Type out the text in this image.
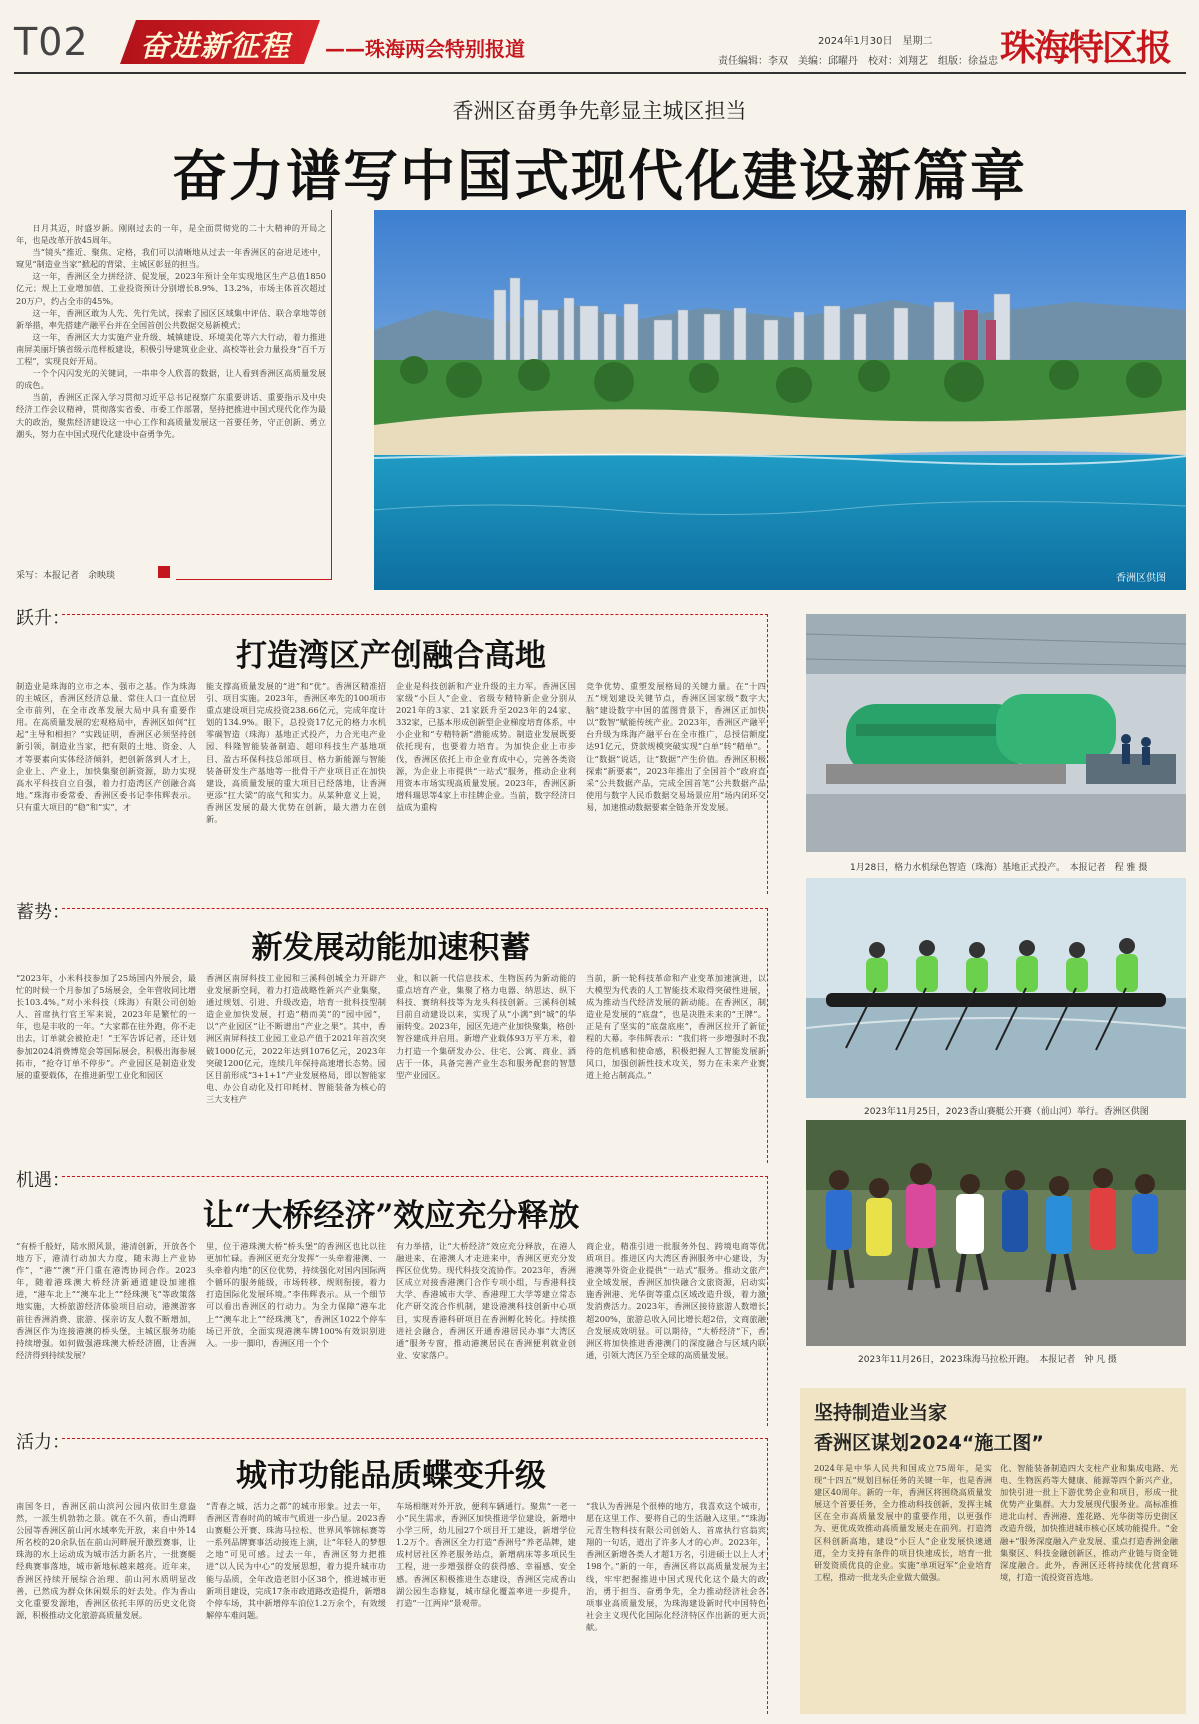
T02 奋进新征程 ——珠海两会特别报道	2024年1月30日　星期二
责任编辑：李双　美编：邱曜丹　校对：刘翔艺　组版：徐益忠 珠海特区报
香洲区奋勇争先彰显主城区担当
奋力谱写中国式现代化建设新篇章

日月其迈，时盛岁新。刚刚过去的一年，是全面贯彻党的二十大精神的开局之年，也是改革开放45周年。

当“镜头”推近、聚焦、定格，我们可以清晰地从过去一年香洲区的奋进足迹中，窥见“制造业当家”掀起的背梁、主城区彰显的担当。

这一年，香洲区全力拼经济、促发展，2023年预计全年实现地区生产总值1850亿元；规上工业增加值、工业投资预计分别增长8.9%、13.2%，市场主体首次超过20万户，约占全市的45%。

这一年，香洲区敢为人先、先行先试，探索了园区区域集中评估、联合拿地等创新举措，率先搭建产融平台并在全国首创公共数据交易新模式；

这一年，香洲区大力实施产业升级、城镇建设、环境美化等六大行动，着力推进南屏美丽圩镇省级示范样板建设，积极引导建筑业企业、高校等社会力量投身“百千万工程”，实现良好开局。

一个个闪闪发光的关键词，一串串令人欣喜的数据，让人看到香洲区高质量发展的成色。

当前，香洲区正深入学习贯彻习近平总书记视察广东重要讲话、重要指示及中央经济工作会议精神，贯彻落实省委、市委工作部署，坚持把推进中国式现代化作为最大的政治，聚焦经济建设这一中心工作和高质量发展这一首要任务，守正创新、勇立潮头，努力在中国式现代化建设中奋勇争先。

采写：本报记者　余映琰	香洲区供图
跃升：
打造湾区产创融合高地
制造业是珠海的立市之本、强市之基。作为珠海的主城区，香洲区经济总量、常住人口一直位居全市前列，在全市改革发展大局中具有重要作用。在高质量发展的宏观格局中，香洲区如何“扛起”主导和相担？“实践证明，香洲区必须坚持创新引领，制造业当家，把有限的土地、资金、人才等要素向实体经济倾斜，把创新落到人才上，企业上、产业上，加快集聚创新资源，助力实现高水平科技自立自强，着力打造湾区产创融合高地。”珠海市委常委、香洲区委书记李伟辉表示。只有重大项目的“稳”和“实”，才
能支撑高质量发展的“进”和“优”。香洲区精准招引、项目实施。2023年，香洲区率先的100项市重点建设项目完成投资238.66亿元，完成年度计划的134.9%。眼下，总投资17亿元的格力水机零碳智造（珠海）基地正式投产，力合光电产业园、科隆智能装备制造、超印科技生产基地项目、盈古环保科技总部项目、格力新能源与智能装备研发生产基地等一批骨干产业项目正在加快建设，高质量发展的重大项目已经落地，让香洲更添“扛大梁”的底气和实力。从某种意义上说，香洲区发展的最大优势在创新，最大潜力在创新。
企业是科技创新和产业升级的主力军。香洲区国家级“小巨人”企业、省级专精特新企业分别从2021年的3家、21家跃升至2023年的24家、332家，已基本形成创新型企业梯度培育体系，中小企业和“专精特新”潜能成势。制造业发展既要依托现有，也要着力培育。为加快企业上市步伐，香洲区依托上市企业育成中心，完善各类资源，为企业上市提供“一站式”服务，推动企业利用资本市场实现高质量发展。2023年，香洲区新增科瑞思等4家上市挂牌企业。当前，数字经济日益成为重构
竞争优势、重塑发展格局的关键力量。在“十四五”规划建设关键节点，香洲区国家级“数字大脑”建设数字中国的蓝图背景下，香洲区正加快以“数智”赋能传统产业。2023年，香洲区产融平台升级为珠海产融平台在全市推广，总授信额度达91亿元，贷款规模突破实现“白单”转“精单”。让“数据”说话，让“数据”产生价值。香洲区积极探索“新要素”，2023年推出了全国首个“政府直采”公共数据产品，完成全国首笔“公共数据产品使用与数字人民币数据交易场景应用”场内闭环交易，加速推动数据要素全链条开发发展。
1月28日，格力水机绿色智造（珠海）基地正式投产。　本报记者　程 雅 摄
蓄势：
新发展动能加速积蓄
“2023年，小米科技参加了25场国内外展会，最忙的时候一个月参加了5场展会，全年营收同比增长103.4%。”对小米科技（珠海）有限公司创始人、首席执行官王军来说，2023年是繁忙的一年，也是丰收的一年。“大家都在往外跑，你不走出去，订单就会被抢走！”王军告诉记者，还计划参加2024消费博览会等国际展会，积极出海参展拓市，“抢夺订单不停步”。产业园区是制造业发展的重要载体，在推进新型工业化和园区
香洲区南屏科技工业园和三溪科创城全力开辟产业发展新空间，着力打造战略性新兴产业集聚，通过规划、引进、升级改造，培育一批科技型制造企业加快发展，打造“精而美”的“园中园”，以“产业园区”让不断谱出“产业之果”。其中，香洲区南屏科技工业园工业总产值于2021年首次突破1000亿元，2022年达到1076亿元，2023年突破1200亿元，连续几年保持高速增长态势。园区目前形成“3+1+1”产业发展格局，即以智能家电、办公自动化及打印耗材、智能装备为核心的三大支柱产
业，和以新一代信息技术、生物医药为新动能的重点培育产业，集聚了格力电器、纳思达、纵下科技、赛纳科技等为龙头科技创新。三溪科创城目前自动建设以来，实现了从“小满”到“城”的华丽转变。2023年，园区先进产业加快聚集，格创·智谷建成并启用。新增产业载体93万平方米，着力打造一个集研发办公、住宅、公寓、商业、酒店于一体，具备完善产业生态和服务配套的智慧型产业园区。
当前，新一轮科技革命和产业变革加速演进，以大模型为代表的人工智能技术取得突破性进展，成为推动当代经济发展的新动能。在香洲区，制造业是发展的“底盘”，也是决胜未来的“王牌”。正是有了坚实的“底盘底座”，香洲区拉开了新征程的大幕。李伟辉表示：“我们将一步增强时不我待的危机感和使命感，积极把握人工智能发展新风口，加强创新性技术攻关，努力在未来产业赛道上抢占制高点。”
2023年11月25日，2023香山赛艇公开赛（前山河）举行。香洲区供图
机遇：
让“大桥经济”效应充分释放
“有桥千般好，陆水照风景，港清创新，开放各个地方下，港清行动加大力度，随未海上产业协作”，“港”“澳”开门重在港湾协同合作。2023年，随着港珠澳大桥经济新通道建设加速推进，“港车北上”“澳车北上”“经珠澳飞”等政策落地实施，大桥旅游经济体验项目启动，港澳游客前往香洲消费、旅游、探亲访友人数不断增加，香洲区作为连接港澳的桥头堡，主城区服务功能持续增强。如何做强港珠澳大桥经济圈，让香洲经济得到持续发展？
里，位于港珠澳大桥“桥头堡”的香洲区也比以往更加忙碌。香洲区更充分发挥“一头牵着港澳、一头牵着内地”的区位优势，持续强化对国内国际两个循环的服务能级，市场转移、规则衔接，着力打造国际化发展环境。”李伟辉表示。从一个细节可以看出香洲区的行动力。为全力保障“港车北上”“澳车北上”“经珠澳飞”，香洲区1022个停车场已开放，全面实现港澳车牌100%有效识别进入。一步一脚印，香洲区用一个个
有力举措，让“大桥经济”效应充分释放，在港人融进来、在港澳人才走进来中，香洲区更充分发挥区位优势。现代科技交流协作。2023年，香洲区成立对接香港澳门合作专项小组，与香港科技大学、香港城市大学、香港理工大学等建立常态化产研交流合作机制，建设港澳科技创新中心项目，实现香港科研项目在香洲孵化转化。持续推进社会融合，香洲区开通香港居民办事“大湾区通”服务专窗，推动港澳居民在香洲便利就业创业、安家落户。
商企业，精准引进一批服务外包、跨境电商等优质项目。推进区内大湾区香洲服务中心建设，为港澳等外资企业提供“一站式”服务。推动文旅产业全域发展，香洲区加快融合文旅资源，启动实施香洲港、光华街等重点区域改造升级，着力激发消费活力。2023年，香洲区接待旅游人数增长超200%，旅游总收入同比增长超2倍，文商旅融合发展成效明显。可以期待，“大桥经济”下，香洲区将加快推进香港澳门的深度融合与区域内联通，引领大湾区乃至全球的高质量发展。
2023年11月26日，2023珠海马拉松开跑。　本报记者　钟 凡 摄
活力：
城市功能品质蝶变升级
南国冬日，香洲区前山滨河公园内依旧生意盎然，一派生机勃勃之景。就在不久前，香山湾畔公园等香洲区前山河水域率先开放，来自中外14所名校的20余队伍在前山河畔展开激烈赛事，让珠海的水上运动成为城市活力新名片，一批赛艇经典赛事落地，城市新地标越来越亮。近年来，香洲区持续开展综合治理、前山河水质明显改善，已然成为群众休闲娱乐的好去处。作为香山文化重要发源地，香洲区依托丰厚的历史文化资源，积极推动文化旅游高质量发展。
“青春之城、活力之都”的城市形象。过去一年，香洲区青春时尚的城市气质进一步凸显。2023香山赛艇公开赛、珠海马拉松、世界风筝锦标赛等一系列品牌赛事活动接连上演，让“年轻人的梦想之地”可见可感。过去一年，香洲区努力把推进“以人民为中心”的发展思想，着力提升城市功能与品质，全年改造老旧小区38个，推进城市更新项目建设，完成17条市政道路改造提升，新增8个停车场，其中新增停车泊位1.2万余个，有效缓解停车难问题。
车场相继对外开放，便利车辆通行。聚焦“一老一小”民生需求，香洲区加快推进学位建设，新增中小学三所，幼儿园27个项目开工建设，新增学位1.2万个。香洲区全力打造“香洲号”养老品牌，建成村居社区养老服务站点，新增病床等多项民生工程，进一步增强群众的获得感、幸福感、安全感。香洲区积极推进生态建设，香洲区完成香山湖公园生态修复，城市绿化覆盖率进一步提升，打造“一江两岸”景观带。
“我认为香洲是个很棒的地方，我喜欢这个城市，愿在这里工作、要将自己的生活融入这里。”“珠海元青生物科技有限公司创始人、首席执行官翁宾翔的一句话，道出了许多人才的心声。2023年，香洲区新增各类人才超1万名，引进硕士以上人才198个。”新的一年，香洲区将以高质量发展为主线，牢牢把握推进中国式现代化这个最大的政治，勇于担当、奋勇争先，全力推动经济社会各项事业高质量发展，为珠海建设新时代中国特色社会主义现代化国际化经济特区作出新的更大贡献。
坚持制造业当家
香洲区谋划2024“施工图”
2024年是中华人民共和国成立75周年，是实现“十四五”规划目标任务的关键一年，也是香洲建区40周年。新的一年，香洲区将围绕高质量发展这个首要任务，全力推动科技创新，发挥主城区在全市高质量发展中的重要作用，以更强作为、更优成效推动高质量发展走在前列。打造湾区科创新高地，建设“小巨人”企业发展快速通道，全力支持有条件的项目快速成长，培育一批研发资质优良的企业。实施“单项冠军”企业培育工程，推动一批龙头企业做大做强。
化、智能装备制造四大支柱产业和集成电路、光电、生物医药等大健康、能源等四个新兴产业，加快引进一批上下游优势企业和项目，形成一批优势产业集群。大力发展现代服务业。高标准推进北山村、香洲港、莲花路、光华街等历史街区改造升级，加快推进城市核心区域功能提升。“金融+”服务深度融入产业发展、重点打造香洲金融集聚区、科技金融创新区，推动产业链与资金链深度融合。此外，香洲区还将持续优化营商环境，打造一流投资首选地。
